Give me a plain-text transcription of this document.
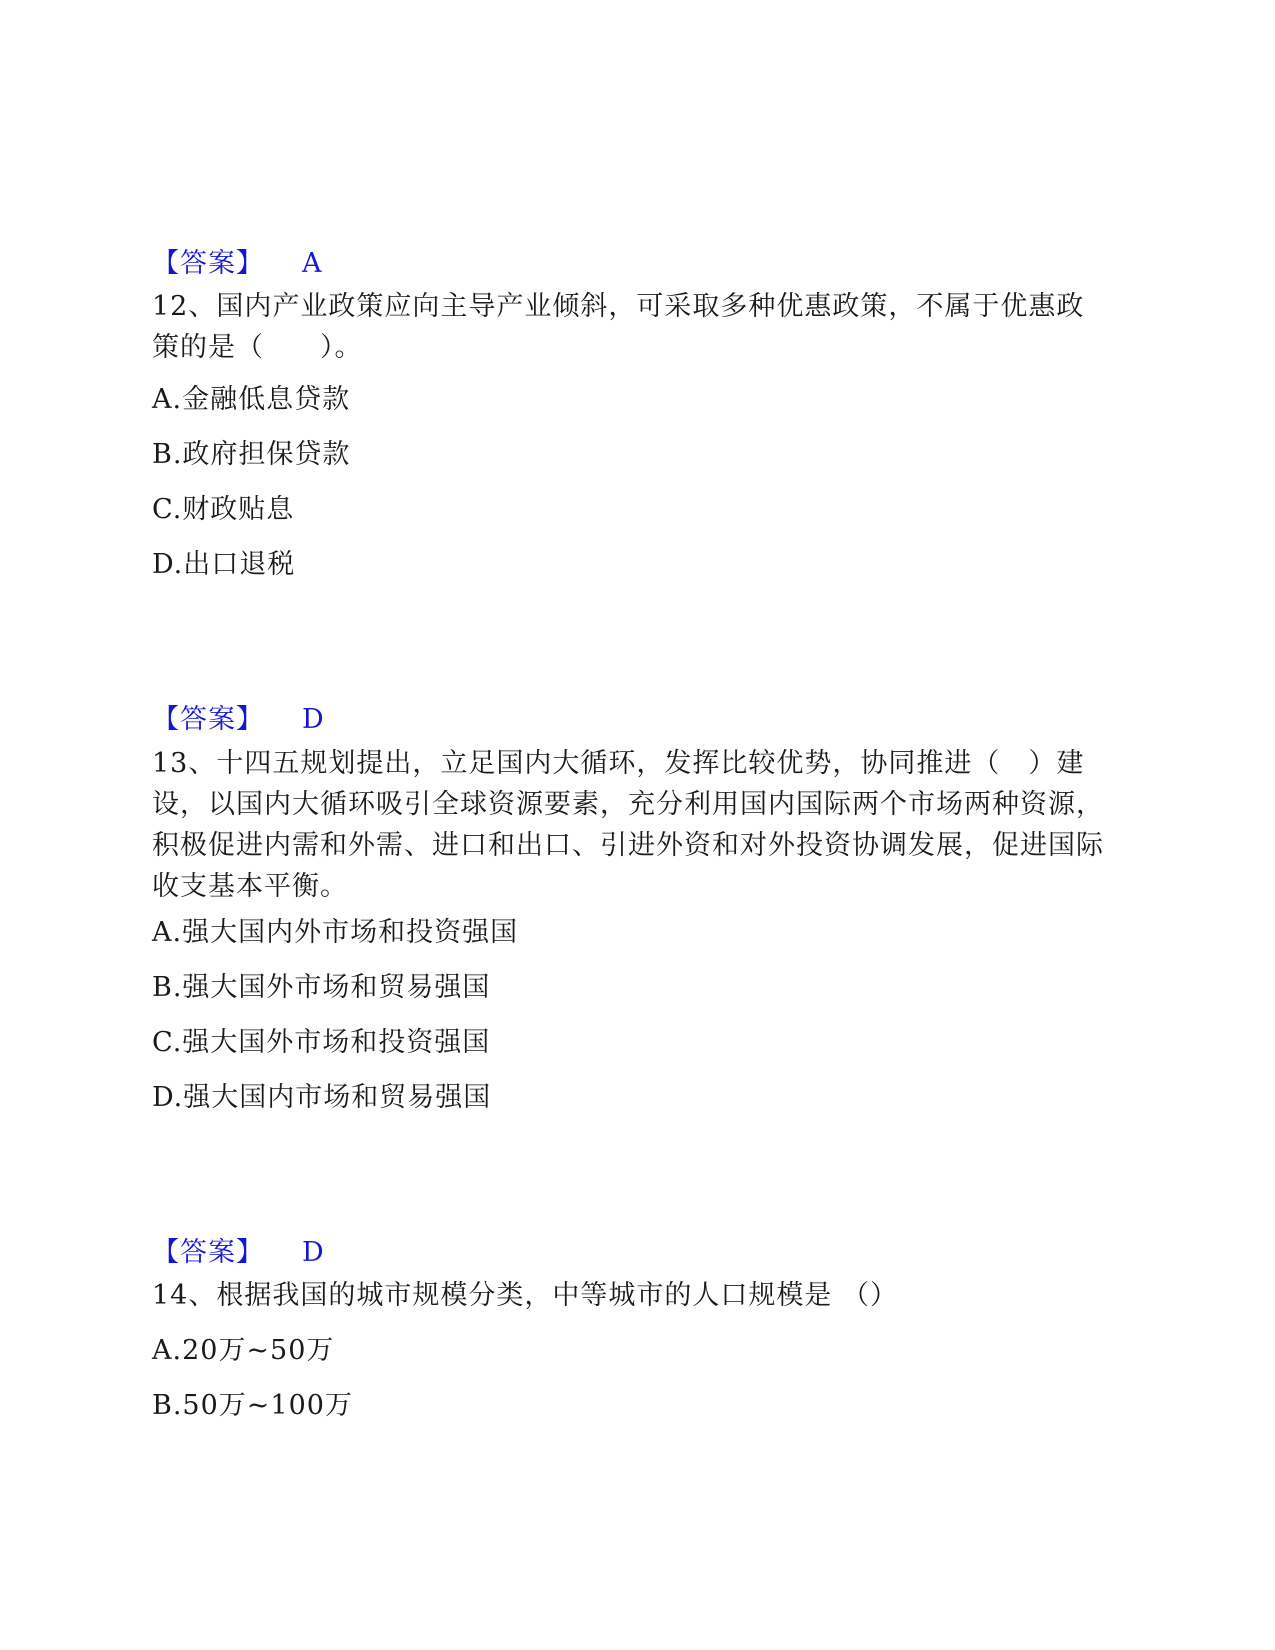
【答案】 A
12、国内产业政策应向主导产业倾斜，可采取多种优惠政策，不属于优惠政策的是（　　）。
A.金融低息贷款
B.政府担保贷款
C.财政贴息
D.出口退税
【答案】 D
13、十四五规划提出，立足国内大循环，发挥比较优势，协同推进（　）建设，以国内大循环吸引全球资源要素，充分利用国内国际两个市场两种资源，积极促进内需和外需、进口和出口、引进外资和对外投资协调发展，促进国际收支基本平衡。
A.强大国内外市场和投资强国
B.强大国外市场和贸易强国
C.强大国外市场和投资强国
D.强大国内市场和贸易强国
【答案】 D
14、根据我国的城市规模分类，中等城市的人口规模是 （）
A.20万~50万
B.50万~100万
